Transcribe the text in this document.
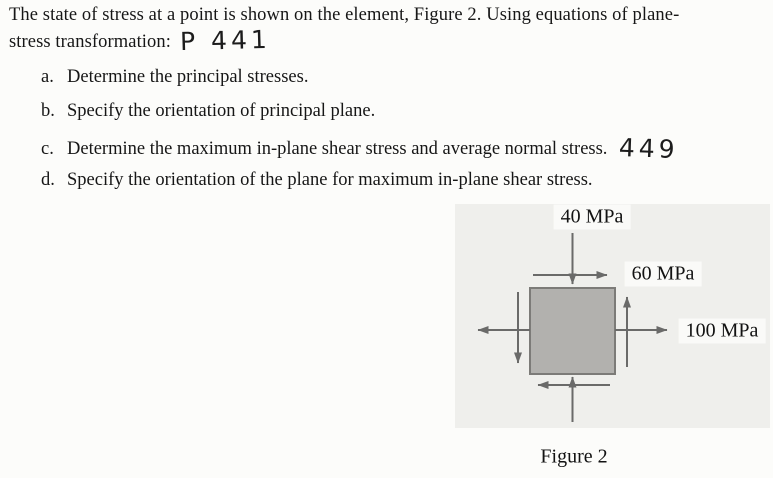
The state of stress at a point is shown on the element, Figure 2. Using equations of plane-
stress transformation: P 441
a. Determine the principal stresses.
b. Specify the orientation of principal plane.
c. Determine the maximum in-plane shear stress and average normal stress. 449
d. Specify the orientation of the plane for maximum in-plane shear stress.
40 MPa
60 MPa
100 MPa
Figure 2
